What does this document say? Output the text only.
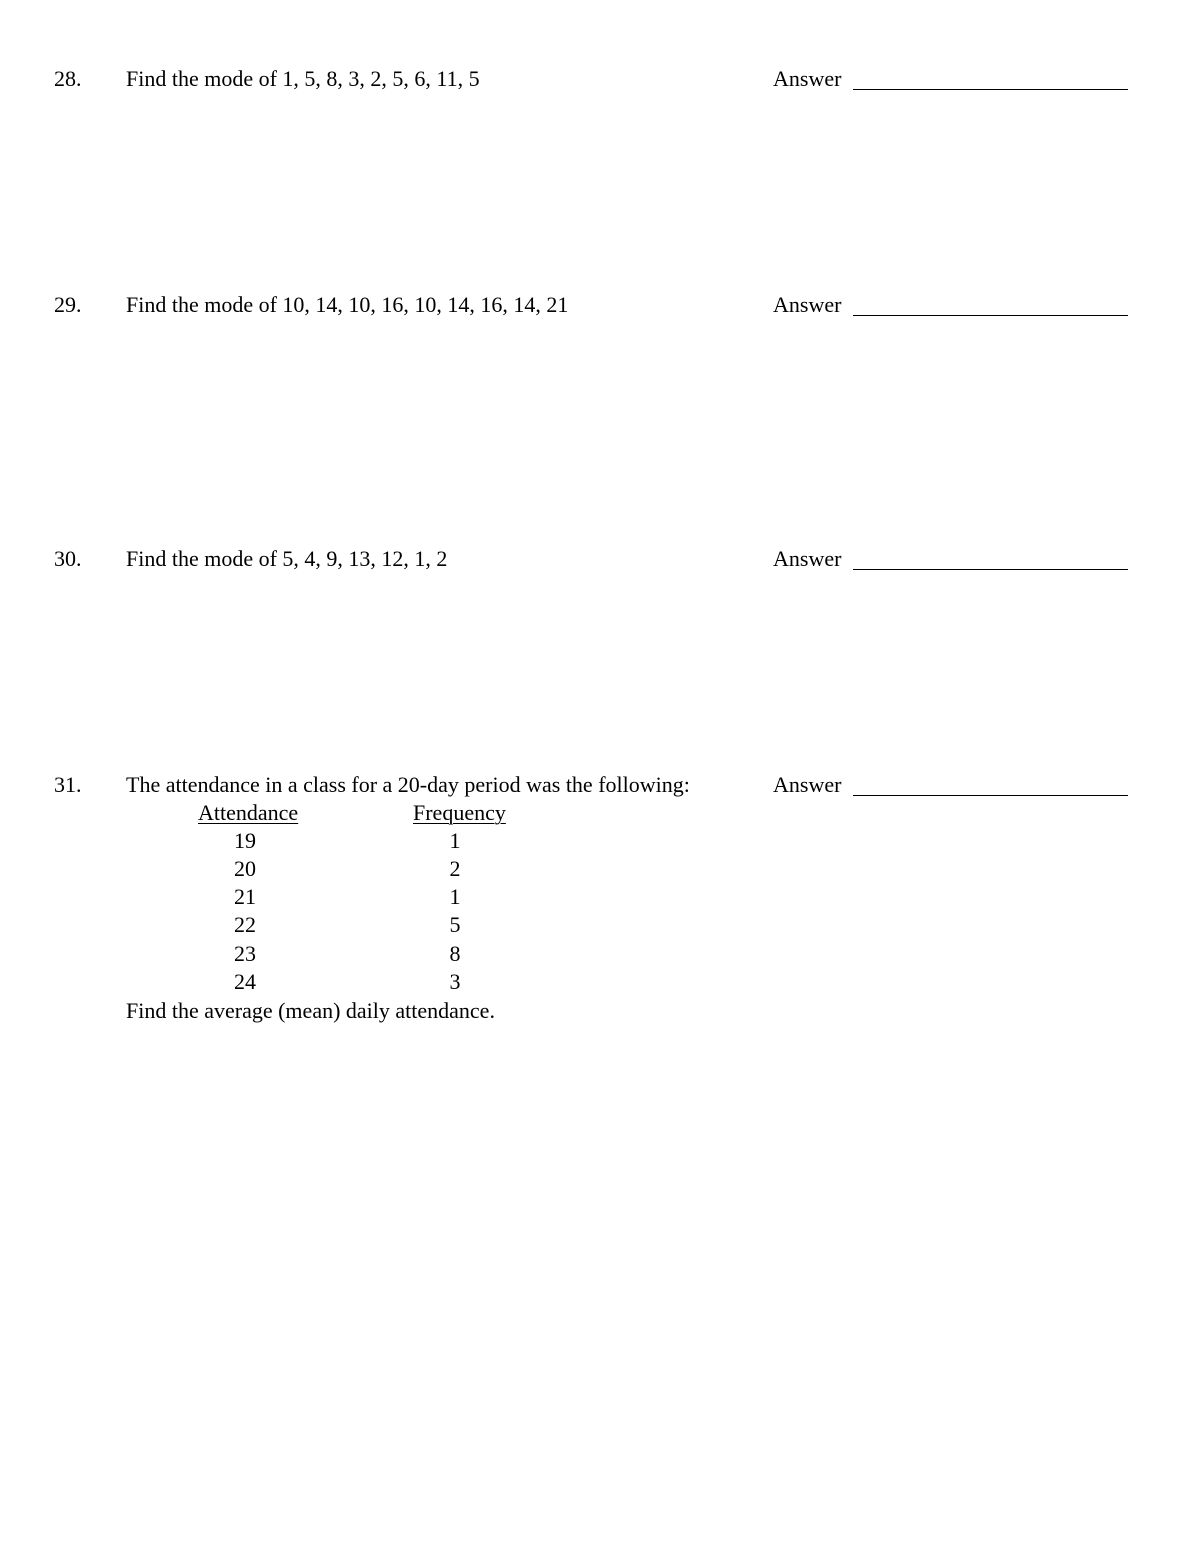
28. Find the mode of 1, 5, 8, 3, 2, 5, 6, 11, 5	Answer
29. Find the mode of 10, 14, 10, 16, 10, 14, 16, 14, 21	Answer
30. Find the mode of 5, 4, 9, 13, 12, 1, 2	Answer
31. The attendance in a class for a 20-day period was the following:	Answer
Attendance	Frequency
19	1
20	2
21	1
22	5
23	8
24	3
Find the average (mean) daily attendance.
